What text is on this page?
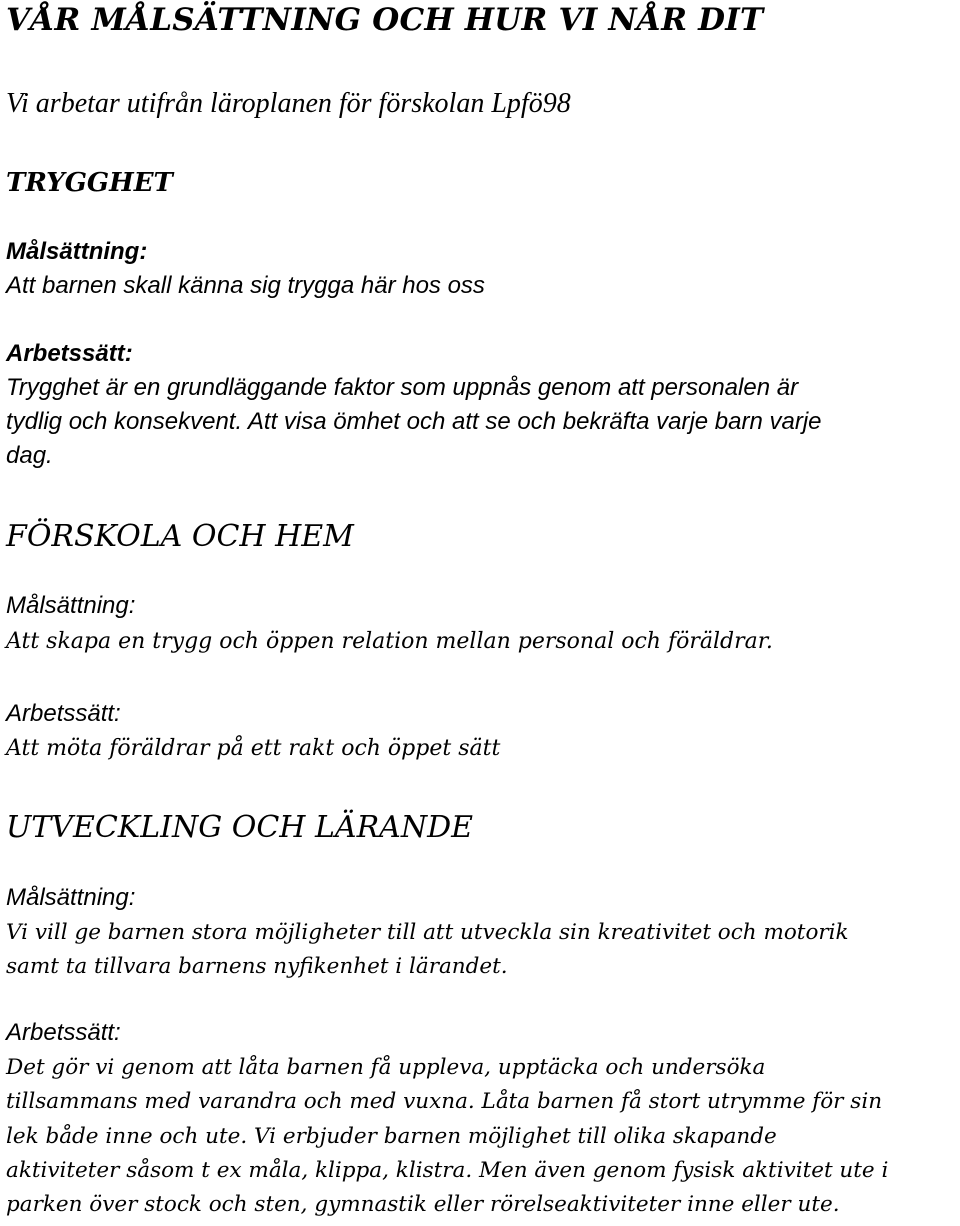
VÅR MÅLSÄTTNING OCH HUR VI NÅR DIT
Vi arbetar utifrån läroplanen för förskolan Lpfö98
TRYGGHET
Målsättning:
Att barnen skall känna sig trygga här hos oss
Arbetssätt:
Trygghet är en grundläggande faktor som uppnås genom att personalen är
tydlig och konsekvent. Att visa ömhet och att se och bekräfta varje barn varje
dag.
FÖRSKOLA OCH HEM
Målsättning:
Att skapa en trygg och öppen relation mellan personal och föräldrar.
Arbetssätt:
Att möta föräldrar på ett rakt och öppet sätt
UTVECKLING OCH LÄRANDE
Målsättning:
Vi vill ge barnen stora möjligheter till att utveckla sin kreativitet och motorik
samt ta tillvara barnens nyfikenhet i lärandet.
Arbetssätt:
Det gör vi genom att låta barnen få uppleva, upptäcka och undersöka
tillsammans med varandra och med vuxna. Låta barnen få stort utrymme för sin
lek både inne och ute. Vi erbjuder barnen möjlighet till olika skapande
aktiviteter såsom t ex måla, klippa, klistra. Men även genom fysisk aktivitet ute i
parken över stock och sten, gymnastik eller rörelseaktiviteter inne eller ute.
